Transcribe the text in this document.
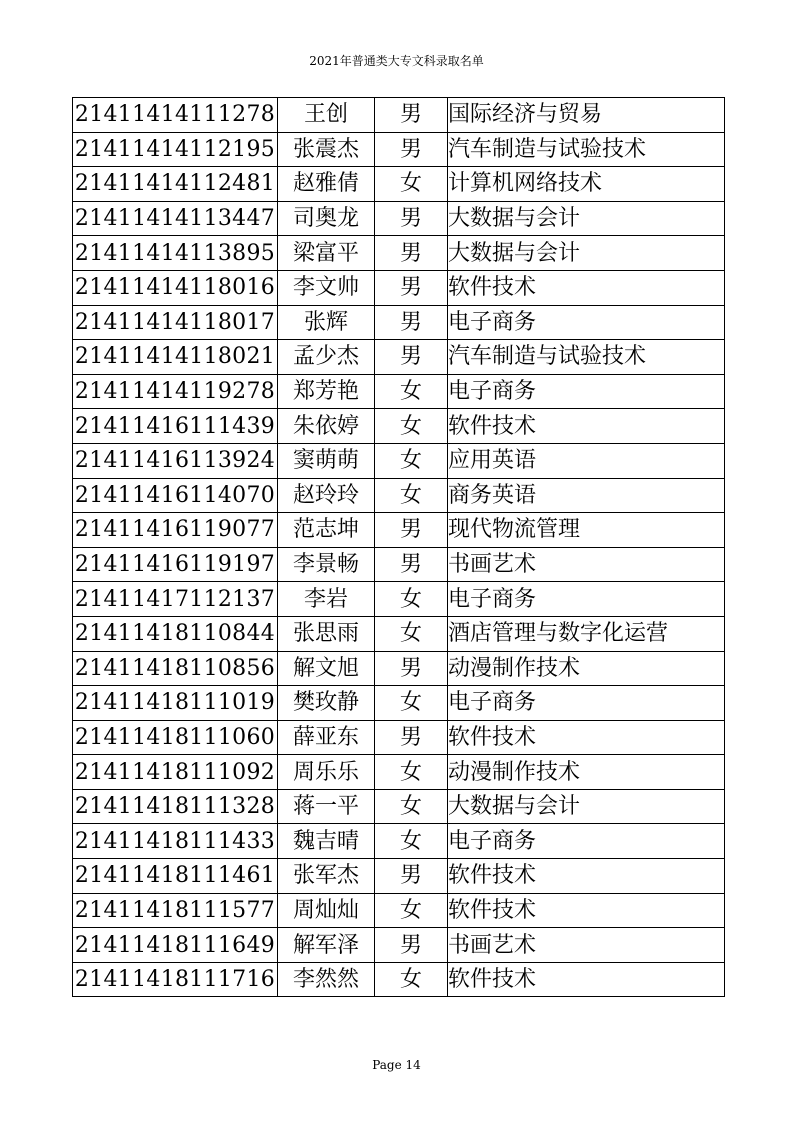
2021年普通类大专文科录取名单
21411414111278	王创	男	国际经济与贸易
21411414112195	张震杰	男	汽车制造与试验技术
21411414112481	赵雅倩	女	计算机网络技术
21411414113447	司奥龙	男	大数据与会计
21411414113895	梁富平	男	大数据与会计
21411414118016	李文帅	男	软件技术
21411414118017	张辉	男	电子商务
21411414118021	孟少杰	男	汽车制造与试验技术
21411414119278	郑芳艳	女	电子商务
21411416111439	朱依婷	女	软件技术
21411416113924	窦萌萌	女	应用英语
21411416114070	赵玲玲	女	商务英语
21411416119077	范志坤	男	现代物流管理
21411416119197	李景畅	男	书画艺术
21411417112137	李岩	女	电子商务
21411418110844	张思雨	女	酒店管理与数字化运营
21411418110856	解文旭	男	动漫制作技术
21411418111019	樊玫静	女	电子商务
21411418111060	薛亚东	男	软件技术
21411418111092	周乐乐	女	动漫制作技术
21411418111328	蒋一平	女	大数据与会计
21411418111433	魏吉晴	女	电子商务
21411418111461	张军杰	男	软件技术
21411418111577	周灿灿	女	软件技术
21411418111649	解军泽	男	书画艺术
21411418111716	李然然	女	软件技术
Page 14
